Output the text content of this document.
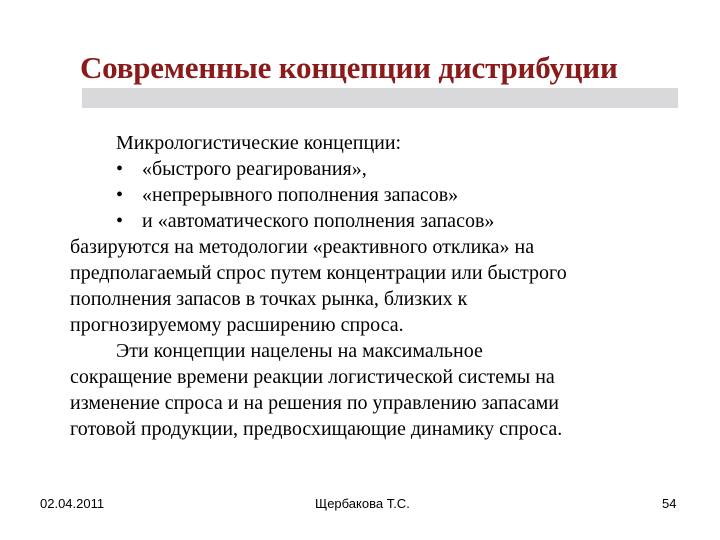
Современные концепции дистрибуции
Микрологистические концепции:
• «быстрого реагирования»,
• «непрерывного пополнения запасов»
• и «автоматического пополнения запасов»
базируются на методологии «реактивного отклика» на
предполагаемый спрос путем концентрации или быстрого
пополнения запасов в точках рынка, близких к
прогнозируемому расширению спроса.
Эти концепции нацелены на максимальное
сокращение времени реакции логистической системы на
изменение спроса и на решения по управлению запасами
готовой продукции, предвосхищающие динамику спроса.
02.04.2011	Щербакова Т.С.	54
